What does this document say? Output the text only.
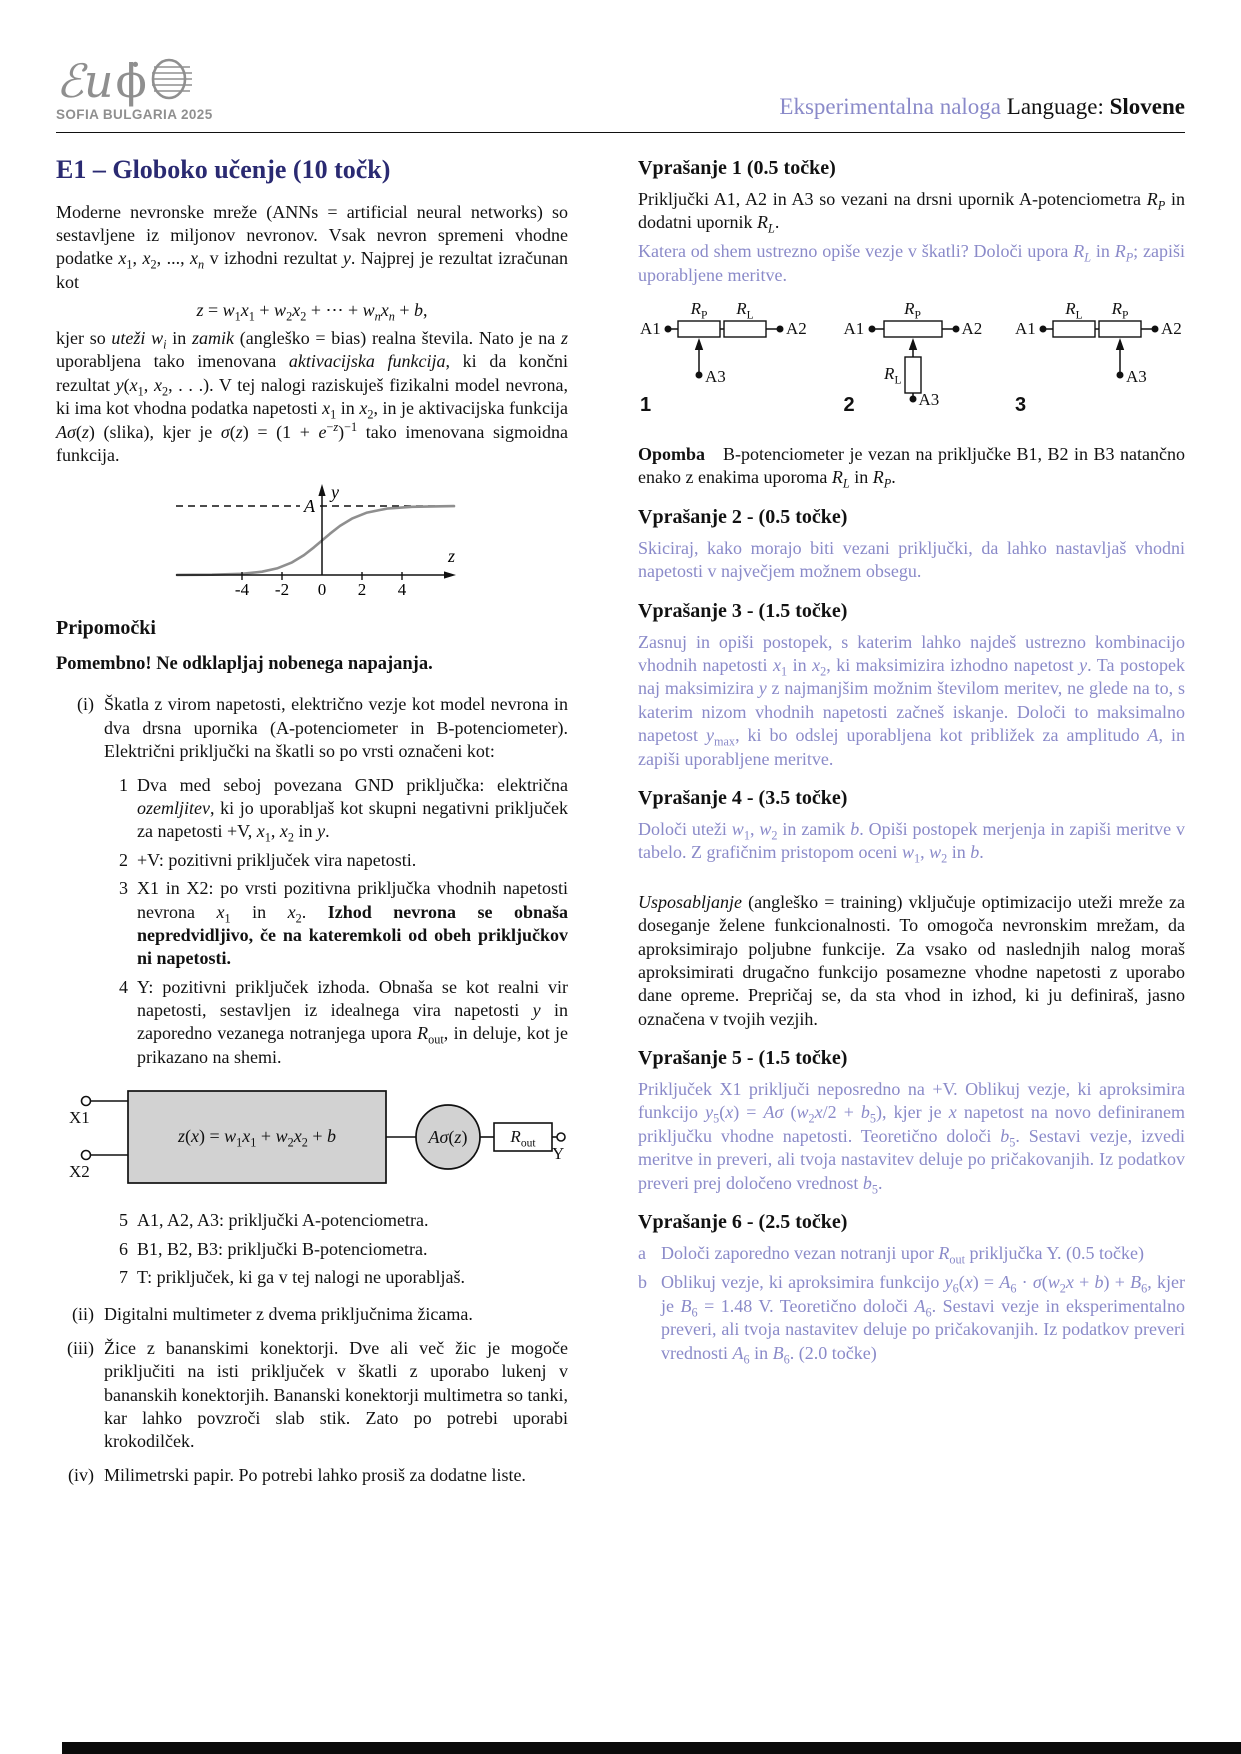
ℰu ϕ̇
SOFIA BULGARIA 2025	Eksperimentalna naloga Language: Slovene
E1 – Globoko učenje (10 točk)

Moderne nevronske mreže (ANNs = artificial neural networks) so sestavljene iz miljonov nevronov. Vsak nevron spremeni vhodne podatke $x_1$, $x_2$, ..., $x_n$ v izhodni rezultat y. Najprej je rezultat izračunan kot

$z = w_1x_1 + w_2x_2$ + ⋯ + $w_nx_n + b$,

kjer so uteži $w_i$ in zamik (angleško = bias) realna števila. Nato je na z uporabljena tako imenovana aktivacijska funkcija, ki da končni rezultat $y(x_1$, $x_2$, . . .). V tej nalogi raziskuješ fizikalni model nevrona, ki ima kot vhodna podatka napetosti $x_1$ in $x_2$, in je aktivacijska funkcija Aσ(z) (slika), kjer je $\sigma(z) = (1 + e^{-z})^{-1}$ tako imenovana sigmoidna funkcija.

-4 -2 0 2 4
A
y
z
Pripomočki
Pomembno! Ne odklapljaj nobenega napajanja.
(i) Škatla z virom napetosti, električno vezje kot model nevrona in dva drsna upornika (A-potenciometer in B-potenciometer). Električni priključki na škatli so po vrsti označeni kot:
1 Dva med seboj povezana GND priključka: električna ozemljitev, ki jo uporabljaš kot skupni negativni priključek za napetosti +V, $x_1$, $x_2$ in y.
2 +V: pozitivni priključek vira napetosti.
3 X1 in X2: po vrsti pozitivna priključka vhodnih napetosti nevrona $x_1$ in $x_2$. Izhod nevrona se obnaša nepredvidljivo, če na kateremkoli od obeh priključkov ni napetosti.
4 Y: pozitivni priključek izhoda. Obnaša se kot realni vir napetosti, sestavljen iz idealnega vira napetosti y in zaporedno vezanega notranjega upora $R_{out}$, in deluje, kot je prikazano na shemi.
X1
X2
$z(x) = w_1x_1 + w_2x_2 + b$	Aσ(z)	$R_{out}$
Y
5 A1, A2, A3: priključki A-potenciometra.
6 B1, B2, B3: priključki B-potenciometra.
7 T: priključek, ki ga v tej nalogi ne uporabljaš.
(ii) Digitalni multimeter z dvema priključnima žicama.
(iii) Žice z bananskimi konektorji. Dve ali več žic je mogoče priključiti na isti priključek v škatli z uporabo lukenj v bananskih konektorjih. Bananski konektorji multimetra so tanki, kar lahko povzroči slab stik. Zato po potrebi uporabi krokodilček.
(iv) Milimetrski papir. Po potrebi lahko prosiš za dodatne liste.
Vprašanje 1 (0.5 točke)

Priključki A1, A2 in A3 so vezani na drsni upornik A-potenciometra $R_P$ in dodatni upornik $R_L$.

Katera od shem ustrezno opiše vezje v škatli? Določi upora $R_L$ in $R_P$; zapiši uporabljene meritve.

A1	A2
$R_P$	$R_L$
A3
1
A1	A2
$R_P$
$R_L$
A3
2
A1	A2
$R_L$	$R_P$
A3
3

Opomba B-potenciometer je vezan na priključke B1, B2 in B3 natančno enako z enakima uporoma $R_L$ in $R_P$.

Vprašanje 2 - (0.5 točke)

Skiciraj, kako morajo biti vezani priključki, da lahko nastavljaš vhodni napetosti v največjem možnem obsegu.

Vprašanje 3 - (1.5 točke)

Zasnuj in opiši postopek, s katerim lahko najdeš ustrezno kombinacijo vhodnih napetosti $x_1$ in $x_2$, ki maksimizira izhodno napetost y. Ta postopek naj maksimizira y z najmanjšim možnim številom meritev, ne glede na to, s katerim nizom vhodnih napetosti začneš iskanje. Določi to maksimalno napetost $y_{max}$, ki bo odslej uporabljena kot približek za amplitudo A, in zapiši uporabljene meritve.

Vprašanje 4 - (3.5 točke)

Določi uteži $w_1$, $w_2$ in zamik b. Opiši postopek merjenja in zapiši meritve v tabelo. Z grafičnim pristopom oceni $w_1$, $w_2$ in b.

Usposabljanje (angleško = training) vključuje optimizacijo uteži mreže za doseganje želene funkcionalnosti. To omogoča nevronskim mrežam, da aproksimirajo poljubne funkcije. Za vsako od naslednjih nalog moraš aproksimirati drugačno funkcijo posamezne vhodne napetosti z uporabo dane opreme. Prepričaj se, da sta vhod in izhod, ki ju definiraš, jasno označena v tvojih vezjih.

Vprašanje 5 - (1.5 točke)

Priključek X1 priključi neposredno na +V. Oblikuj vezje, ki aproksimira funkcijo $y_5(x) = A\sigma$ $(w_2x/2 + b_5)$, kjer je x napetost na novo definiranem priključku vhodne napetosti. Teoretično določi $b_5$. Sestavi vezje, izvedi meritve in preveri, ali tvoja nastavitev deluje po pričakovanjih. Iz podatkov preveri prej določeno vrednost $b_5$.

Vprašanje 6 - (2.5 točke)
a Določi zaporedno vezan notranji upor $R_{out}$ priključka Y. (0.5 točke)
b Oblikuj vezje, ki aproksimira funkcijo $y_6(x) = A_6 \cdot \sigma(w_2x + b) + B_6$, kjer je $B_6 = 1.48$ V. Teoretično določi $A_6$. Sestavi vezje in eksperimentalno preveri, ali tvoja nastavitev deluje po pričakovanjih. Iz podatkov preveri vrednosti $A_6$ in $B_6$. (2.0 točke)
